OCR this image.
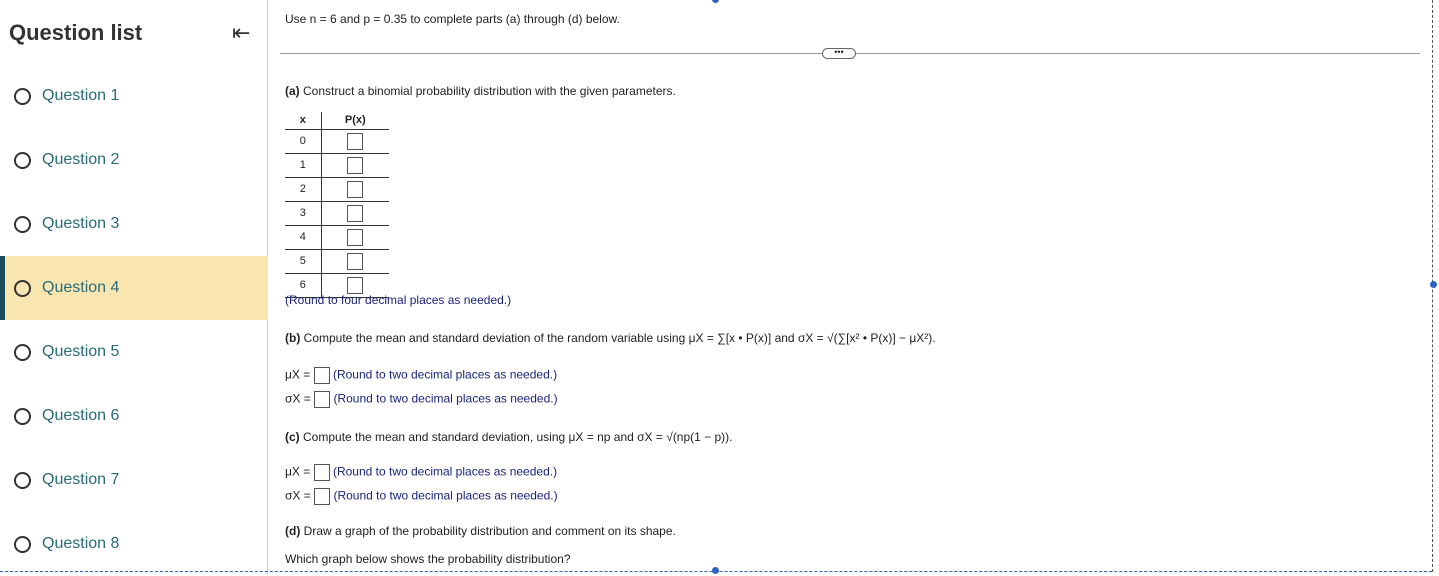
Question list	⇤
Question 1
Question 2
Question 3
Question 4
Question 5
Question 6
Question 7
Question 8
Use n = 6 and p = 0.35 to complete parts (a) through (d) below.
•••
(a) Construct a binomial probability distribution with the given parameters.
x	P(x)
0	
1	
2	
3	
4	
5	
6	
(Round to four decimal places as needed.)
(b) Compute the mean and standard deviation of the random variable using μX = ∑[x • P(x)] and σX = √(∑[x² • P(x)] − μX²).
μX = (Round to two decimal places as needed.)
σX = (Round to two decimal places as needed.)
(c) Compute the mean and standard deviation, using μX = np and σX = √(np(1 − p)).
μX = (Round to two decimal places as needed.)
σX = (Round to two decimal places as needed.)
(d) Draw a graph of the probability distribution and comment on its shape.
Which graph below shows the probability distribution?
